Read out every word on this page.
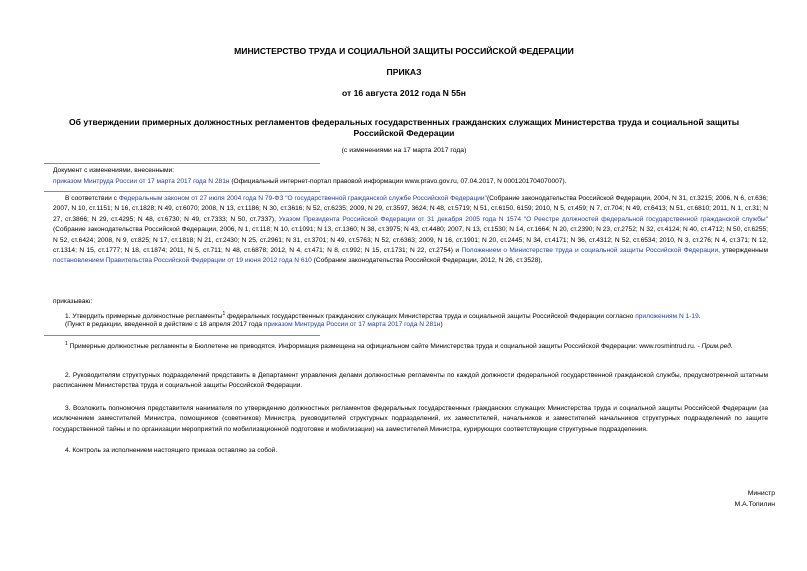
МИНИСТЕРСТВО ТРУДА И СОЦИАЛЬНОЙ ЗАЩИТЫ РОССИЙСКОЙ ФЕДЕРАЦИИ
ПРИКАЗ
от 16 августа 2012 года N 55н
Об утверждении примерных должностных регламентов федеральных государственных гражданских служащих Министерства труда и социальной защиты Российской Федерации
(с изменениями на 17 марта 2017 года)
Документ с изменениями, внесенными:
приказом Минтруда России от 17 марта 2017 года N 281н (Официальный интернет-портал правовой информации www.pravo.gov.ru, 07.04.2017, N 0001201704070007).
В соответствии с Федеральным законом от 27 июля 2004 года N 79-ФЗ "О государственной гражданской службе Российской Федерации"(Собрание законодательства Российской Федерации, 2004, N 31, ст.3215; 2006, N 6, ст.636; 2007, N 10, ст.1151; N 16, ст.1828; N 49, ст.6070; 2008, N 13, ст.1186; N 30, ст.3616; N 52, ст.6235; 2009, N 29, ст.3597, 3624; N 48, ст.5719; N 51, ст.6150, 6159; 2010, N 5, ст.459; N 7, ст.704; N 49, ст.6413; N 51, ст.6810; 2011, N 1, ст.31; N 27, ст.3866; N 29, ст.4295; N 48, ст.6730; N 49, ст.7333; N 50, ст.7337), Указом Президента Российской Федерации от 31 декабря 2005 года N 1574 "О Реестре должностей федеральной государственной гражданской службы" (Собрание законодательства Российской Федерации, 2006, N 1, ст.118; N 10, ст.1091; N 13, ст.1360; N 38, ст.3975; N 43, ст.4480; 2007, N 13, ст.1530; N 14, ст.1664; N 20, ст.2390; N 23, ст.2752; N 32, ст.4124; N 40, ст.4712; N 50, ст.6255; N 52, ст.6424; 2008, N 9, ст.825; N 17, ст.1818; N 21, ст.2430; N 25, ст.2961; N 31, ст.3701; N 49, ст.5763; N 52, ст.6363; 2009, N 16, ст.1901; N 20, ст.2445; N 34, ст.4171; N 36, ст.4312; N 52, ст.6534; 2010, N 3, ст.276; N 4, ст.371; N 12, ст.1314; N 15, ст.1777; N 18, ст.1874; 2011, N 5, ст.711; N 48, ст.6878; 2012, N 4, ст.471; N 8, ст.992; N 15, ст.1731; N 22, ст.2754) и Положением о Министерстве труда и социальной защиты Российской Федерации, утвержденным постановлением Правительства Российской Федерации от 19 июня 2012 года N 610 (Собрание законодательства Российской Федерации, 2012, N 26, ст.3528),
приказываю:
1. Утвердить примерные должностные регламенты$^1$ федеральных государственных гражданских служащих Министерства труда и социальной защиты Российской Федерации согласно приложениям N 1-19.
(Пункт в редакции, введенной в действие с 18 апреля 2017 года приказом Минтруда России от 17 марта 2017 года N 281н)
$^1$ Примерные должностные регламенты в Бюллетене не приводятся. Информация размещена на официальном сайте Министерства труда и социальной защиты Российской Федерации: www.rosmintrud.ru. - Прим.ред.
2. Руководителям структурных подразделений представить в Департамент управления делами должностные регламенты по каждой должности федеральной государственной гражданской службы, предусмотренной штатным расписанием Министерства труда и социальной защиты Российской Федерации.
3. Возложить полномочия представителя нанимателя по утверждению должностных регламентов федеральных государственных гражданских служащих Министерства труда и социальной защиты Российской Федерации (за исключением заместителей Министра, помощников (советников) Министра, руководителей структурных подразделений, их заместителей, начальников и заместителей начальников структурных подразделений по защите государственной тайны и по организации мероприятий по мобилизационной подготовке и мобилизации) на заместителей Министра, курирующих соответствующие структурные подразделения.
4. Контроль за исполнением настоящего приказа оставляю за собой.
Министр
М.А.Топилин
